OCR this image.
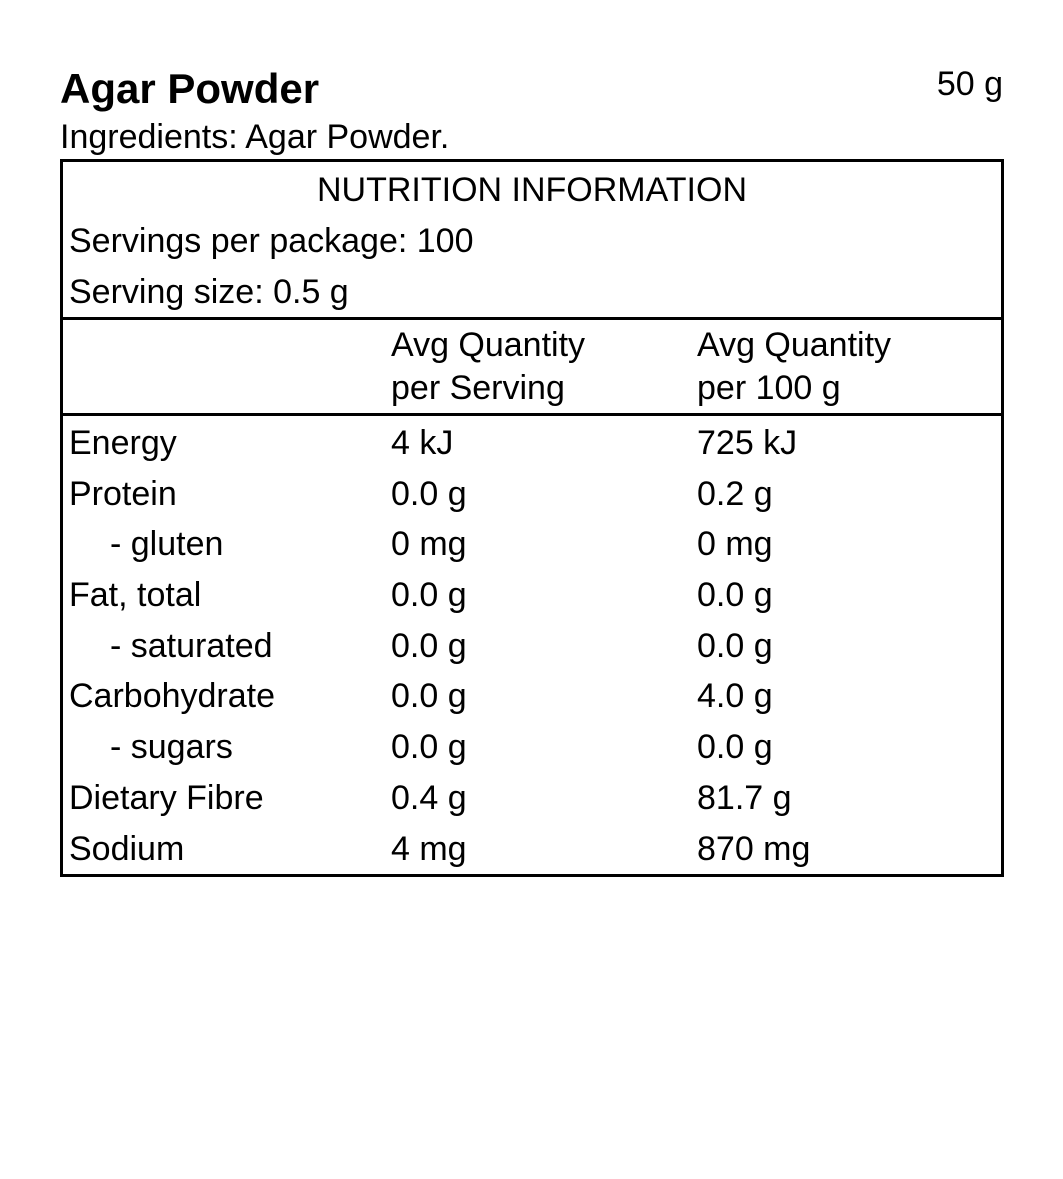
Agar Powder	50 g
Ingredients: Agar Powder.
NUTRITION INFORMATION
Servings per package: 100
Serving size: 0.5 g
Avg Quantity
per Serving
Avg Quantity
per 100 g
Energy	4 kJ	725 kJ
Protein	0.0 g	0.2 g
- gluten	0 mg	0 mg
Fat, total	0.0 g	0.0 g
- saturated	0.0 g	0.0 g
Carbohydrate	0.0 g	4.0 g
- sugars	0.0 g	0.0 g
Dietary Fibre	0.4 g	81.7 g
Sodium	4 mg	870 mg
